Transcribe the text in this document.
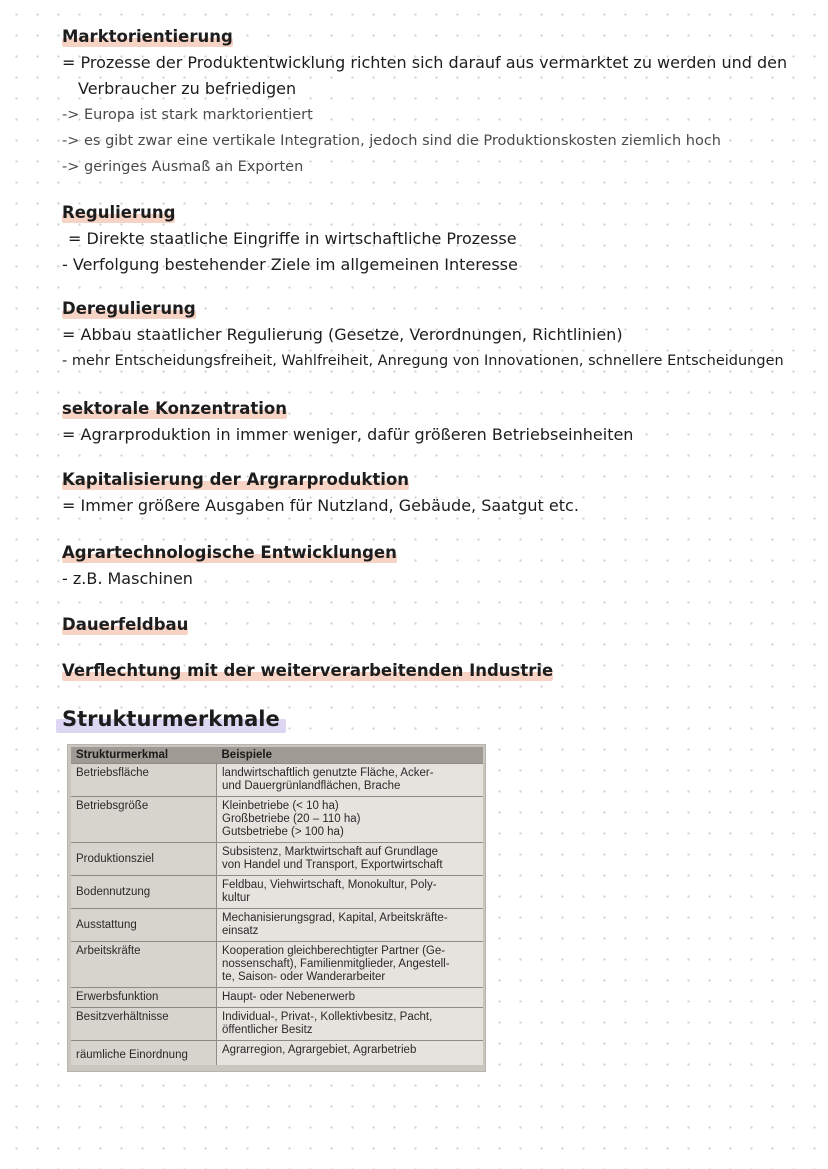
Marktorientierung
= Prozesse der Produktentwicklung richten sich darauf aus vermarktet zu werden und den
Verbraucher zu befriedigen
-> Europa ist stark marktorientiert
-> es gibt zwar eine vertikale Integration, jedoch sind die Produktionskosten ziemlich hoch
-> geringes Ausmaß an Exporten
Regulierung
= Direkte staatliche Eingriffe in wirtschaftliche Prozesse
- Verfolgung bestehender Ziele im allgemeinen Interesse
Deregulierung
= Abbau staatlicher Regulierung (Gesetze, Verordnungen, Richtlinien)
- mehr Entscheidungsfreiheit, Wahlfreiheit, Anregung von Innovationen, schnellere Entscheidungen
sektorale Konzentration
= Agrarproduktion in immer weniger, dafür größeren Betriebseinheiten
Kapitalisierung der Argrarproduktion
= Immer größere Ausgaben für Nutzland, Gebäude, Saatgut etc.
Agrartechnologische Entwicklungen
- z.B. Maschinen
Dauerfeldbau
Verflechtung mit der weiterverarbeitenden Industrie
Strukturmerkmale
Strukturmerkmal	Beispiele
Betriebsfläche	landwirtschaftlich genutzte Fläche, Acker-
und Dauergrünlandflächen, Brache
Betriebsgröße	Kleinbetriebe (< 10 ha)
Großbetriebe (20 – 110 ha)
Gutsbetriebe (> 100 ha)
Produktionsziel	Subsistenz, Marktwirtschaft auf Grundlage
von Handel und Transport, Exportwirtschaft
Bodennutzung	Feldbau, Viehwirtschaft, Monokultur, Poly-
kultur
Ausstattung	Mechanisierungsgrad, Kapital, Arbeitskräfte-
einsatz
Arbeitskräfte	Kooperation gleichberechtigter Partner (Ge-
nossenschaft), Familienmitglieder, Angestell-
te, Saison- oder Wanderarbeiter
Erwerbsfunktion	Haupt- oder Nebenerwerb
Besitzverhältnisse	Individual-, Privat-, Kollektivbesitz, Pacht,
öffentlicher Besitz
räumliche Einordnung	Agrarregion, Agrargebiet, Agrarbetrieb
